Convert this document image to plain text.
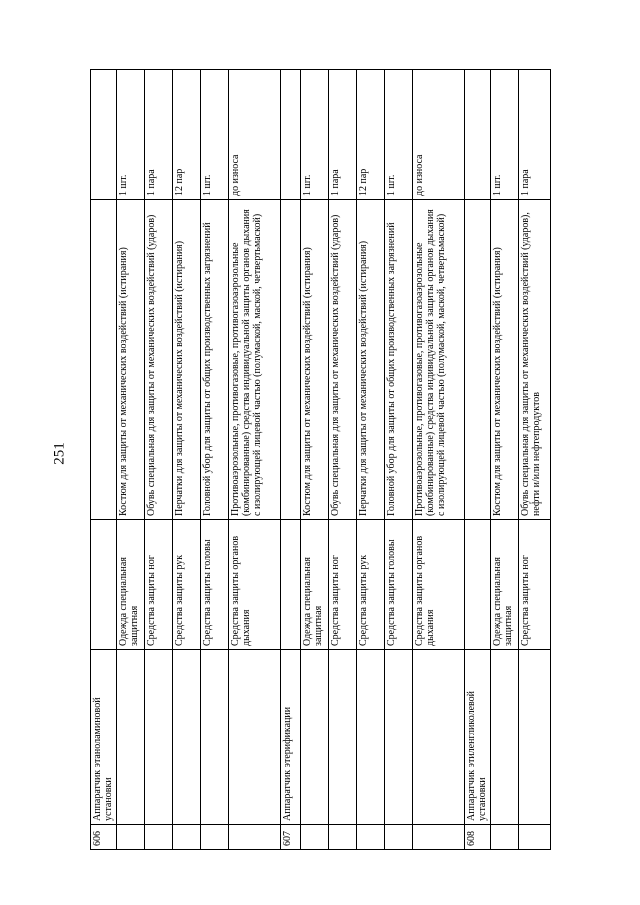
251
606	Аппаратчик этаноламиновой установки			
		Одежда специальная защитная	Костюм для защиты от механических воздействий (истирания)	1 шт.
		Средства защиты ног	Обувь специальная для защиты от механических воздействий (ударов)	1 пара
		Средства защиты рук	Перчатки для защиты от механических воздействий (истирания)	12 пар
		Средства защиты головы	Головной убор для защиты от общих производственных загрязнений	1 шт.
		Средства защиты органов дыхания	Противоаэрозольные, противогазовые, противогазоаэрозольные (комбинированные) средства индивидуальной защиты органов дыхания с изолирующей лицевой частью (полумаской, маской, четвертьмаской)	до износа
607	Аппаратчик этерификации			
		Одежда специальная защитная	Костюм для защиты от механических воздействий (истирания)	1 шт.
		Средства защиты ног	Обувь специальная для защиты от механических воздействий (ударов)	1 пара
		Средства защиты рук	Перчатки для защиты от механических воздействий (истирания)	12 пар
		Средства защиты головы	Головной убор для защиты от общих производственных загрязнений	1 шт.
		Средства защиты органов дыхания	Противоаэрозольные, противогазовые, противогазоаэрозольные (комбинированные) средства индивидуальной защиты органов дыхания с изолирующей лицевой частью (полумаской, маской, четвертьмаской)	до износа
608	Аппаратчик этиленгликолевой установки			
		Одежда специальная защитная	Костюм для защиты от механических воздействий (истирания)	1 шт.
		Средства защиты ног	Обувь специальная для защиты от механических воздействий (ударов), нефти и/или нефтепродуктов	1 пара
